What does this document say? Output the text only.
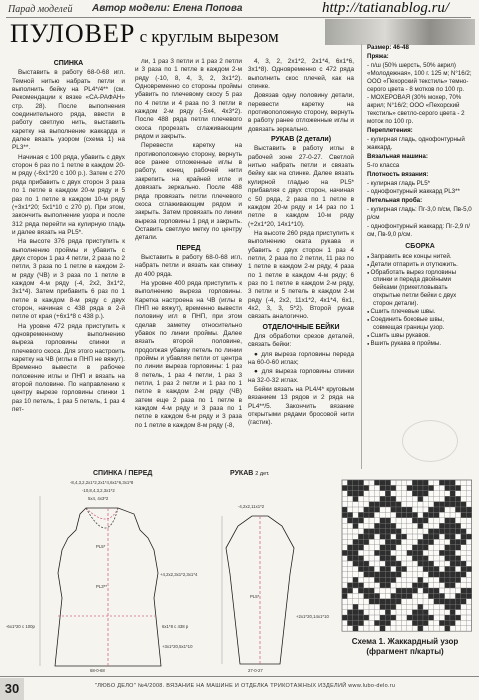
Парад моделей Автор модели: Елена Попова	http://tatianablog.ru/
ПУЛОВЕР с круглым вырезом
СПИНКА

Выставить в работу 68-0-68 игл. Темной нитью набрать петли и выполнить бейку на PL4*/4** (см. Рекомендации к вязке «СА-РАФАН» стр. 28). После выполнения соединительного ряда, ввести в работу светлую нить, выставить каретку на выполнение жаккарда и далее вязать узором (схема 1) на PL3**.

Начиная с 100 ряда, убавить с двух сторон 6 раз по 1 петле в каждом 20-м ряду (-6x1*20 с 100 р.). Затем с 270 ряда прибавить с двух сторон 3 раза по 1 петле в каждом 20-м ряду и 5 раз по 1 петле в каждом 10-м ряду (+3x1*20; 5x1*10 с 270 р). При этом, закончить выполнение узора и после 312 ряда перейти на кулирную гладь и далее вязать на PL5*.

На высоте 376 ряда приступить к выполнению проймы и убавить с двух сторон 1 раз 4 петли, 2 раза по 2 петли, 3 раза по 1 петле в каждом 2-м ряду (ЧВ) и 3 раза по 1 петле в каждом 4-м ряду (-4, 2x2, 3x1*2, 3x1*4). Затем прибавить 6 раз по 1 петле в каждом 8-м ряду с двух сторон, начиная с 438 ряда в 2-й петле от края (+6x1*8 с 438 р.).

На уровне 472 ряда приступить к одновременному выполнению выреза горловины спинки и плечевого скоса. Для этого настроить каретку на ЧВ (иглы в ПНП не вяжут). Временно вывести в рабочее положение иглы и ПНП и вязать на второй половине. По направлению к центру вырезе горловины спинки 1 раз 10 петель, 1 раз 5 петель, 1 раз 4 пет-

ли, 1 раз 3 петли и 1 раз 2 петли и 3 раза по 1 петле в каждом 2-м ряду (-10, 8, 4, 3, 2, 3x1*2). Одновременно со стороны проймы убавить по плечевому скосу 5 раз по 4 петли и 4 раза по 3 петли в каждом 2-м ряду (-5x4, 4x3*2). После 488 ряда петли плечевого скоса прорезать сглаживающим рядом и закрыть.

Перевести каретку на противоположную сторону, вернуть все ранее отложенные иглы в работу, конец рабочей нити закрепить на крайней игле и довязать зеркально. После 488 ряда провязать петли плечевого скоса сглаживающим рядом и закрыть. Затем провязать по линии выреза горловины 1 ряд и закрыть. Оставить светлую метку по центру детали.

ПЕРЕД

Выставить в работу 68-0-68 игл, набрать петли и вязать как спинку до 400 ряда.

На уровне 400 ряда приступить к выполнению выреза горловины. Каретка настроена на ЧВ (иглы в ПНП не вяжут), временно вывести половину игл в ПНП, при этом сделав заметку относительно убавок по линии проймы. Далее вязать второй половине, продолжая убавку петель по линии проймы и убавляя петли от центра по линии выреза горловины: 1 раз 8 петель, 1 раз 4 петли, 1 раз 3 петли, 1 раз 2 петли и 1 раз по 1 петле в каждом 2-м ряду (ЧВ) затем еще 2 раза по 1 петле в каждом 4-м ряду и 3 раза по 1 петле в каждом 6-м ряду и 3 раза по 1 петле в каждом 8-м ряду (-8,

4, 3, 2, 2x1*2, 2x1*4, 6x1*6, 3x1*8). Одновременно с 472 ряда выполнить скос плечей, как на спинке.

Довязав одну половину детали, перевести каретку на противоположную сторону, вернуть в работу ранее отложенные иглы и довязать зеркально.

РУКАВ (2 детали)

Выставить в работу иглы в рабочей зоне 27-0-27. Светлой нитью набрать петли и связать бейку как на спинке. Далее вязать кулирной гладью на PL5* прибавляя с двух сторон, начиная с 50 ряда, 2 раза по 1 петле в каждом 20-м ряду и 14 раз по 1 петле в каждом 10-м ряду (+2x1*20, 14x1*10).

На высоте 260 ряда приступить к выполнению оката рукава и убавить с двух сторон 1 раз 4 петли, 2 раза по 2 петли, 11 раз по 1 петле в каждом 2-м ряду, 4 раза по 1 петле в каждом 4-м ряду; 6 раз по 1 петле в каждом 2-м ряду, 3 петли и 5 петель в каждом 2-м ряду (-4, 2x2, 11x1*2, 4x1*4, 6x1, 4x2, 3, 3, 5*2). Второй рукав связать аналогично.

ОТДЕЛОЧНЫЕ БЕЙКИ

Для обработки срезов деталей, связать бейки:

● для выреза горловины переда на 60-0-60 иглах;

● для выреза горловины спинки на 32-0-32 иглах.

Бейки вязать на PL4/4* круговым вязанием 13 рядов и 2 ряда на PL4**/5. Закончить вязание открытыми рядами бросовой нити (гастик).

Размер: 46-48
Пряжа:
- п/ш (50% шерсть, 50% акрил) «Молодежная», 100 г. 125 м; N°16/2; ООО «Пехорский текстиль» темно-серого цвета - 8 мотков по 100 гр.
- МОХЕРОВАЯ (30% мохер, 70% акрил; N°16/2; ООО «Пехорский текстиль» светло-серого цвета - 2 моток по 100 гр.
Переплетения:
- кулирная гладь, однофонтурный жаккард.
Вязальная машина:
5-го класса
Плотность вязания:
- кулирная гладь PL5*
- однофонтурный жаккард PL3**
Петельная проба:
- кулирная гладь: Пг-3,0 п/см, Пв-5,0 р/см
- однофонтурный жаккард: Пг-2,9 п/см, Пв-9,0 р/см.
СБОРКА
● Заправить все концы нитей.
● Детали отпарить и отутюжить.
● Обработать вырез горловины спинки и переда двойными бейками (прикетловывать открытые петли бейки с двух сторон детали).
● Сшить плечевые швы.
● Соединить боковые швы, совмещая границы узор.
● Сшить швы рукавов.
● Вшить рукава в проймы.
СПИНКА / ПЕРЕД	РУКАВ 2 дет.
5x4, 4x3*2
-10,8,4,3,2,3x1*2
-8,4,3,2,2x1*2,2x1*4,6x1*6,3x1*8
6x1*8 с 438 р
+4,2x2,3x1*2,3x1*4
+3x1*20,5x1*10
-6x1*20 с 100р
PL3**
PL5*
68-0-68
-4,2x2,11x1*2
+2x1*20,14x1*10
PL5*
27-0-27
Схема 1. Жаккардный узор
(фрагмент п/карты)
30	"ЛЮБО ДЕЛО" №4/2008. ВЯЗАНИЕ НА МАШИНЕ И ОТДЕЛКА ТРИКОТАЖНЫХ ИЗДЕЛИЙ www.lubo-delo.ru
